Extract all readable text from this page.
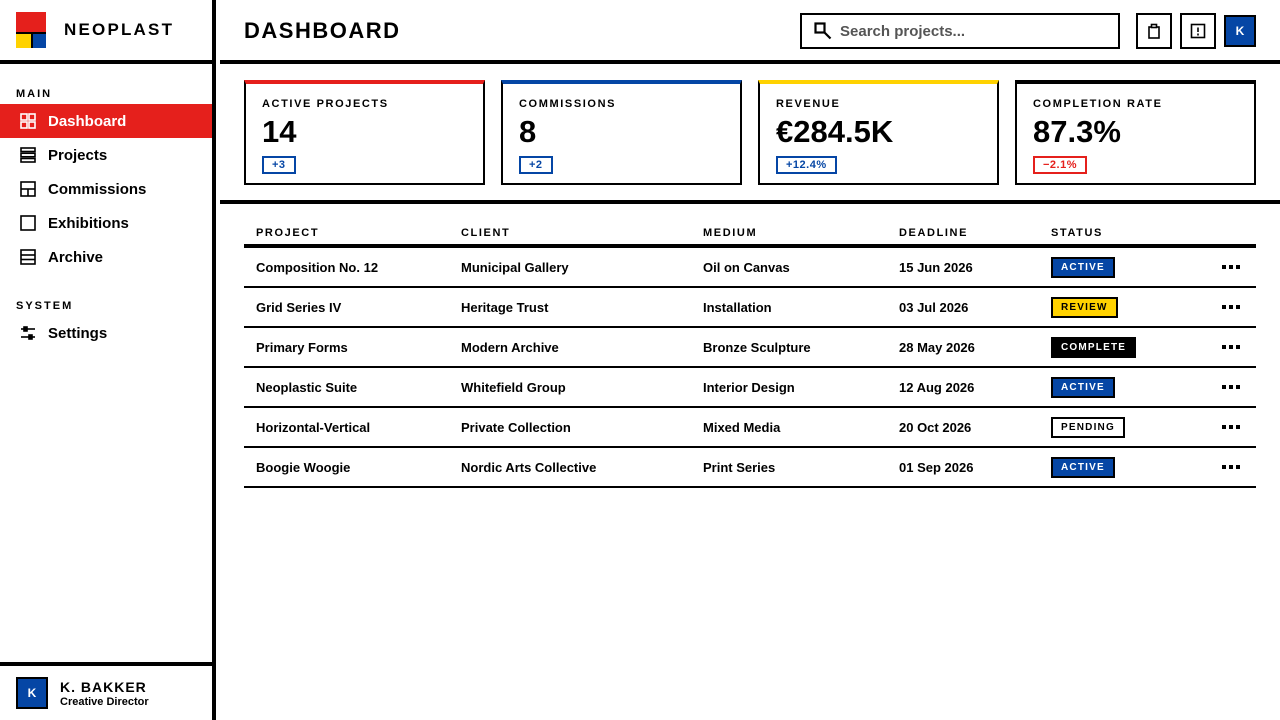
NEOPLAST
MAIN
Dashboard
Projects
Commissions
Exhibitions
Archive
SYSTEM
Settings
K	K. BAKKER
Creative Director
DASHBOARD
Search projects...	K
ACTIVE PROJECTS
14
+3
COMMISSIONS
8
+2
REVENUE
€284.5K
+12.4%
COMPLETION RATE
87.3%
−2.1%
PROJECT	CLIENT	MEDIUM	DEADLINE	STATUS
Composition No. 12	Municipal Gallery	Oil on Canvas	15 Jun 2026	ACTIVE
Grid Series IV	Heritage Trust	Installation	03 Jul 2026	REVIEW
Primary Forms	Modern Archive	Bronze Sculpture	28 May 2026	COMPLETE
Neoplastic Suite	Whitefield Group	Interior Design	12 Aug 2026	ACTIVE
Horizontal-Vertical	Private Collection	Mixed Media	20 Oct 2026	PENDING
Boogie Woogie	Nordic Arts Collective	Print Series	01 Sep 2026	ACTIVE
